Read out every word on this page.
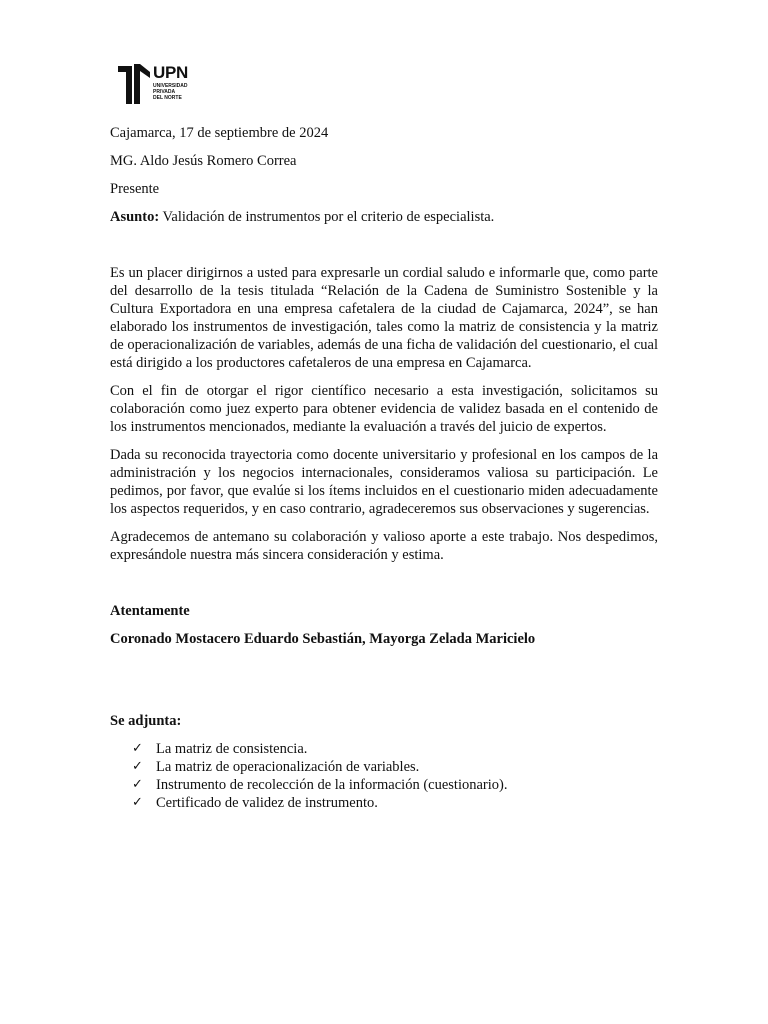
UPN
UNIVERSIDAD
PRIVADA
DEL NORTE

Cajamarca, 17 de septiembre de 2024

MG. Aldo Jesús Romero Correa

Presente

Asunto: Validación de instrumentos por el criterio de especialista.

Es un placer dirigirnos a usted para expresarle un cordial saludo e informarle que, como parte del desarrollo de la tesis titulada “Relación de la Cadena de Suministro Sostenible y la Cultura Exportadora en una empresa cafetalera de la ciudad de Cajamarca, 2024”, se han elaborado los instrumentos de investigación, tales como la matriz de consistencia y la matriz de operacionalización de variables, además de una ficha de validación del cuestionario, el cual está dirigido a los productores cafetaleros de una empresa en Cajamarca.

Con el fin de otorgar el rigor científico necesario a esta investigación, solicitamos su colaboración como juez experto para obtener evidencia de validez basada en el contenido de los instrumentos mencionados, mediante la evaluación a través del juicio de expertos.

Dada su reconocida trayectoria como docente universitario y profesional en los campos de la administración y los negocios internacionales, consideramos valiosa su participación. Le pedimos, por favor, que evalúe si los ítems incluidos en el cuestionario miden adecuadamente los aspectos requeridos, y en caso contrario, agradeceremos sus observaciones y sugerencias.

Agradecemos de antemano su colaboración y valioso aporte a este trabajo. Nos despedimos, expresándole nuestra más sincera consideración y estima.

Atentamente

Coronado Mostacero Eduardo Sebastián, Mayorga Zelada Maricielo

Se adjunta:

✓ La matriz de consistencia.
✓ La matriz de operacionalización de variables.
✓ Instrumento de recolección de la información (cuestionario).
✓ Certificado de validez de instrumento.
